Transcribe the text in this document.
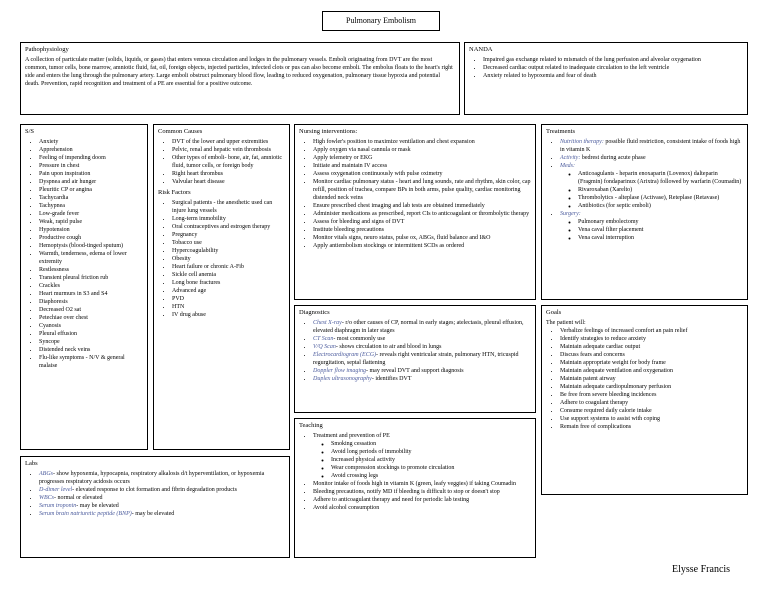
Pulmonary Embolism
Pathophysiology

A collection of particulate matter (solids, liquids, or gases) that enters venous circulation and lodges in the pulmonary vessels. Emboli originating from DVT are the most common, tumor cells, bone marrow, amniotic fluid, fat, oil, foreign objects, injected particles, infected clots or pus can also become emboli. The embolus floats to the heart's right side and enters the lung through the pulmonary artery. Large emboli obstruct pulmonary blood flow, leading to reduced oxygenation, pulmonary tissue hypoxia and potential death. Prevention, rapid recognition and treatment of a PE are essential for a positive outcome.

NANDA
• Impaired gas exchange related to mismatch of the lung perfusion and alveolar oxygenation
• Decreased cardiac output related to inadequate circulation to the left ventricle
• Anxiety related to hypoxemia and fear of death
S/S
• Anxiety
• Apprehension
• Feeling of impending doom
• Pressure in chest
• Pain upon inspiration
• Dyspnea and air hunger
• Pleuritic CP or angina
• Tachycardia
• Tachypnea
• Low-grade fever
• Weak, rapid pulse
• Hypotension
• Productive cough
• Hemoptysis (blood-tinged sputum)
• Warmth, tenderness, edema of lower extremity
• Restlessness
• Transient pleural friction rub
• Crackles
• Heart murmurs in S3 and S4
• Diaphoresis
• Decreased O2 sat
• Petechiae over chest
• Cyanosis
• Pleural effusion
• Syncope
• Distended neck veins
• Flu-like symptoms - N/V & general malaise
Common Causes
• DVT of the lower and upper extremities
• Pelvic, renal and hepatic vein thrombosis
• Other types of emboli- bone, air, fat, amniotic fluid, tumor cells, or foreign body
• Right heart thrombus
• Valvular heart disease
Risk Factors
• Surgical patients - the anesthetic used can injure lung vessels
• Long-term immobility
• Oral contraceptives and estrogen therapy
• Pregnancy
• Tobacco use
• Hypercoagulability
• Obesity
• Heart failure or chronic A-Fib
• Sickle cell anemia
• Long bone fractures
• Advanced age
• PVD
• HTN
• IV drug abuse
Nursing interventions:
• High fowler's position to maximize ventilation and chest expansion
• Apply oxygen via nasal cannula or mask
• Apply telemetry or EKG
• Initiate and maintain IV access
• Assess oxygenation continuously with pulse oximetry
• Monitor cardiac pulmonary status - heart and lung sounds, rate and rhythm, skin color, cap refill, position of trachea, compare BPs in both arms, pulse quality, cardiac monitoring distended neck veins
• Ensure prescribed chest imaging and lab tests are obtained immediately
• Administer medications as prescribed, report CIs to anticoagulant or thrombolytic therapy
• Assess for bleeding and signs of DVT
• Institute bleeding precautions
• Monitor vitals signs, neuro status, pulse ox, ABGs, fluid balance and I&O
• Apply antiembolism stockings or intermittent SCDs as ordered
Diagnostics
• Chest X-ray- r/o other causes of CP, normal in early stages; atelectasis, pleural effusion, elevated diaphragm in later stages
• CT Scan- most commonly use
• V/Q Scan- shows circulation to air and blood in lungs
• Electrocardiogram (ECG)- reveals right ventricular strain, pulmonary HTN, tricuspid regurgitation, septal flattening
• Doppler flow imaging- may reveal DVT and support diagnosis
• Duplex ultrasonography- identifies DVT
Teaching
• Treatment and prevention of PE
◦ Smoking cessation
◦ Avoid long periods of immobility
◦ Increased physical activity
◦ Wear compression stockings to promote circulation
◦ Avoid crossing legs
• Monitor intake of foods high in vitamin K (green, leafy veggies) if taking Coumadin
• Bleeding precautions, notify MD if bleeding is difficult to stop or doesn't stop
• Adhere to anticoagulant therapy and need for periodic lab testing
• Avoid alcohol consumption
Labs
• ABGs- show hypoxemia, hypocapnia, respiratory alkalosis d/t hyperventilation, or hypoxemia progresses respiratory acidosis occurs
• D-dimer level- elevated response to clot formation and fibrin degradation products
• WBCs- normal or elevated
• Serum troponin- may be elevated
• Serum brain natriuretic peptide (BNP)- may be elevated
Treatments
• Nutrition therapy: possible fluid restriction, consistent intake of foods high in vitamin K
• Activity: bedrest during acute phase
• Meds:
◦ Anticoagulants - heparin enoxaparin (Lovenox) dalteparin (Fragmin) fondaparinux (Arixtra) followed by warfarin (Coumadin)
◦ Rivaroxaban (Xarelto)
◦ Thrombolytics - alteplase (Activase), Reteplase (Retavase)
◦ Antibiotics (for septic emboli)
• Surgery:
◦ Pulmonary embolectomy
◦ Vena caval filter placement
◦ Vena caval interruption
Goals

The patient will:

• Verbalize feelings of increased comfort an pain relief
• Identify strategies to reduce anxiety
• Maintain adequate cardiac output
• Discuss fears and concerns
• Maintain appropriate weight for body frame
• Maintain adequate ventilation and oxygenation
• Maintain patent airway
• Maintain adequate cardiopulmonary perfusion
• Be free from severe bleeding incidences
• Adhere to coagulant therapy
• Consume required daily calorie intake
• Use support systems to assist with coping
• Remain free of complications
Elysse Francis
